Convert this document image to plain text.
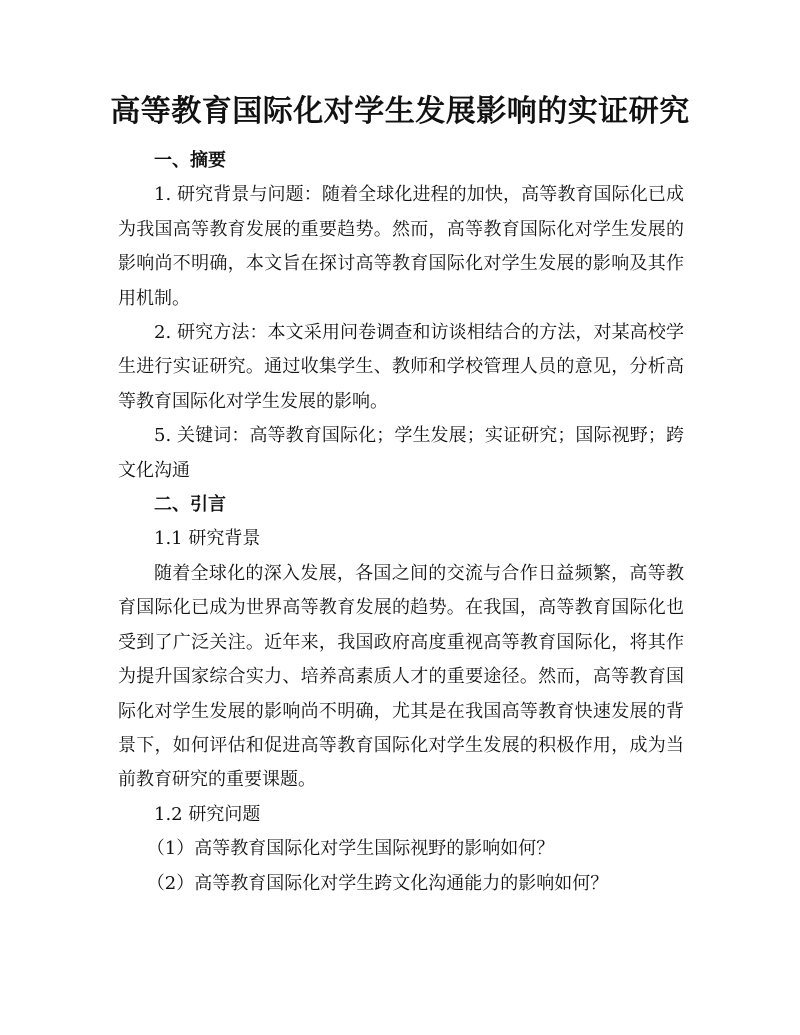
高等教育国际化对学生发展影响的实证研究

一、摘要

1. 研究背景与问题：随着全球化进程的加快，高等教育国际化已成为我国高等教育发展的重要趋势。然而，高等教育国际化对学生发展的影响尚不明确，本文旨在探讨高等教育国际化对学生发展的影响及其作用机制。

2. 研究方法：本文采用问卷调查和访谈相结合的方法，对某高校学生进行实证研究。通过收集学生、教师和学校管理人员的意见，分析高等教育国际化对学生发展的影响。

5. 关键词：高等教育国际化；学生发展；实证研究；国际视野；跨文化沟通

二、引言

1.1 研究背景

随着全球化的深入发展，各国之间的交流与合作日益频繁，高等教育国际化已成为世界高等教育发展的趋势。在我国，高等教育国际化也受到了广泛关注。近年来，我国政府高度重视高等教育国际化，将其作为提升国家综合实力、培养高素质人才的重要途径。然而，高等教育国际化对学生发展的影响尚不明确，尤其是在我国高等教育快速发展的背景下，如何评估和促进高等教育国际化对学生发展的积极作用，成为当前教育研究的重要课题。

1.2 研究问题

（1）高等教育国际化对学生国际视野的影响如何？

（2）高等教育国际化对学生跨文化沟通能力的影响如何？
